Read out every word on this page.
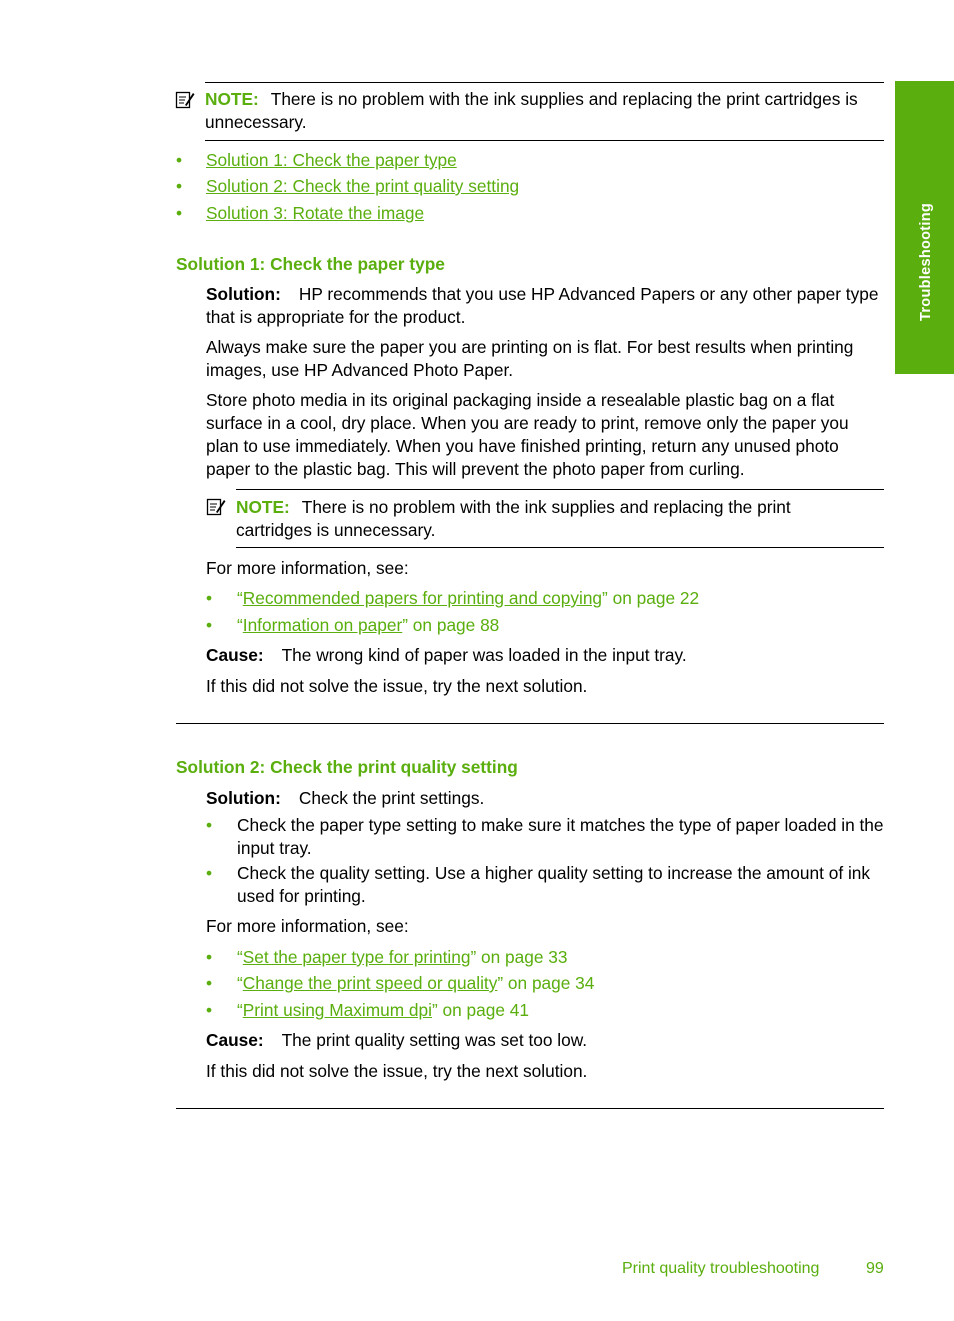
Troubleshooting
NOTE: There is no problem with the ink supplies and replacing the print cartridges is unnecessary.
• Solution 1: Check the paper type
• Solution 2: Check the print quality setting
• Solution 3: Rotate the image
Solution 1: Check the paper type
Solution: HP recommends that you use HP Advanced Papers or any other paper type that is appropriate for the product.
Always make sure the paper you are printing on is flat. For best results when printing images, use HP Advanced Photo Paper.
Store photo media in its original packaging inside a resealable plastic bag on a flat surface in a cool, dry place. When you are ready to print, remove only the paper you plan to use immediately. When you have finished printing, return any unused photo paper to the plastic bag. This will prevent the photo paper from curling.
NOTE: There is no problem with the ink supplies and replacing the print cartridges is unnecessary.
For more information, see:
• “Recommended papers for printing and copying” on page 22
• “Information on paper” on page 88
Cause: The wrong kind of paper was loaded in the input tray.
If this did not solve the issue, try the next solution.
Solution 2: Check the print quality setting
Solution: Check the print settings.
• Check the paper type setting to make sure it matches the type of paper loaded in the input tray.
• Check the quality setting. Use a higher quality setting to increase the amount of ink used for printing.
For more information, see:
• “Set the paper type for printing” on page 33
• “Change the print speed or quality” on page 34
• “Print using Maximum dpi” on page 41
Cause: The print quality setting was set too low.
If this did not solve the issue, try the next solution.
Print quality troubleshooting	99
